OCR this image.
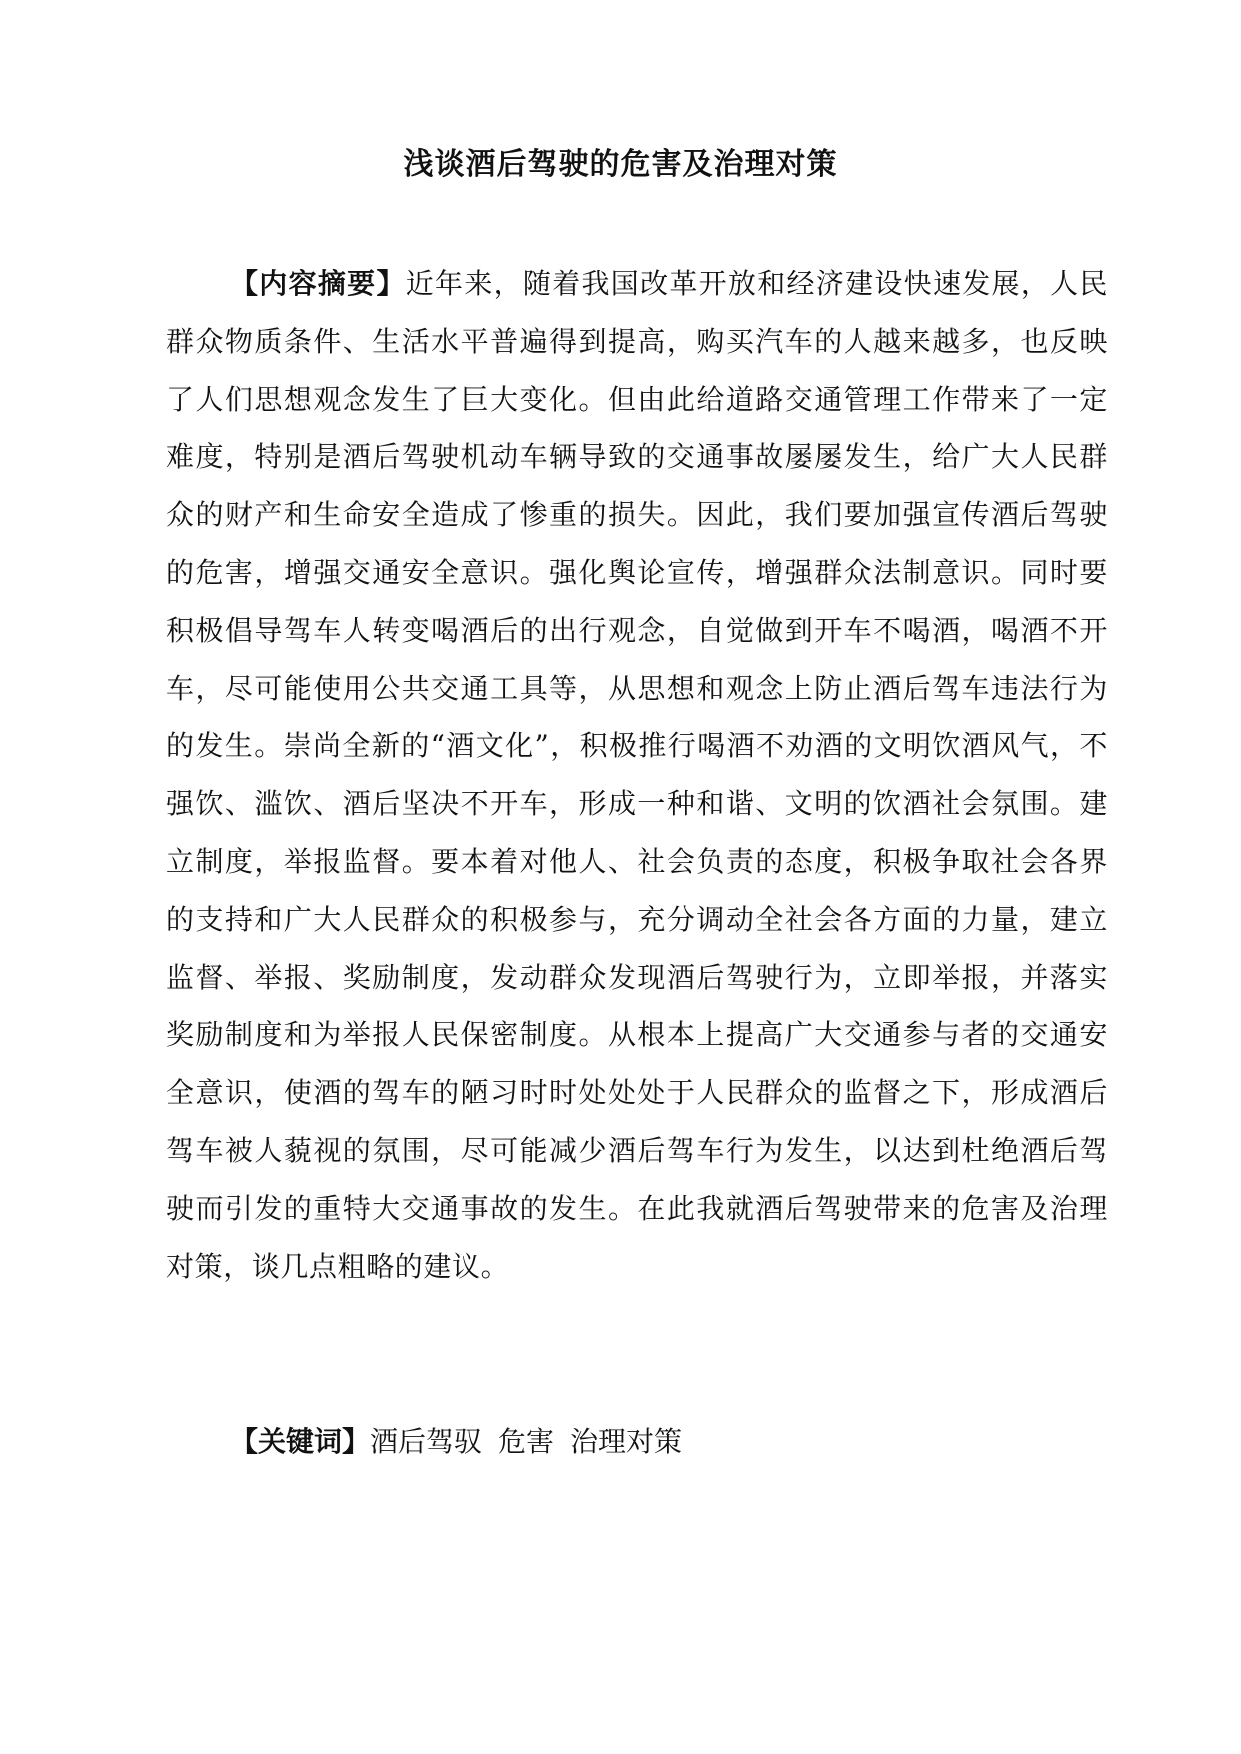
浅谈酒后驾驶的危害及治理对策

【内容摘要】近年来，随着我国改革开放和经济建设快速发展，人民群众物质条件、生活水平普遍得到提高，购买汽车的人越来越多，也反映了人们思想观念发生了巨大变化。但由此给道路交通管理工作带来了一定难度，特别是酒后驾驶机动车辆导致的交通事故屡屡发生，给广大人民群众的财产和生命安全造成了惨重的损失。因此，我们要加强宣传酒后驾驶的危害，增强交通安全意识。强化舆论宣传，增强群众法制意识。同时要积极倡导驾车人转变喝酒后的出行观念，自觉做到开车不喝酒，喝酒不开车，尽可能使用公共交通工具等，从思想和观念上防止酒后驾车违法行为的发生。崇尚全新的“酒文化”，积极推行喝酒不劝酒的文明饮酒风气，不强饮、滥饮、酒后坚决不开车，形成一种和谐、文明的饮酒社会氛围。建立制度，举报监督。要本着对他人、社会负责的态度，积极争取社会各界的支持和广大人民群众的积极参与，充分调动全社会各方面的力量，建立监督、举报、奖励制度，发动群众发现酒后驾驶行为，立即举报，并落实奖励制度和为举报人民保密制度。从根本上提高广大交通参与者的交通安全意识，使酒的驾车的陋习时时处处处于人民群众的监督之下，形成酒后驾车被人藐视的氛围，尽可能减少酒后驾车行为发生，以达到杜绝酒后驾驶而引发的重特大交通事故的发生。在此我就酒后驾驶带来的危害及治理对策，谈几点粗略的建议。

【关键词】酒后驾驭 危害 治理对策
